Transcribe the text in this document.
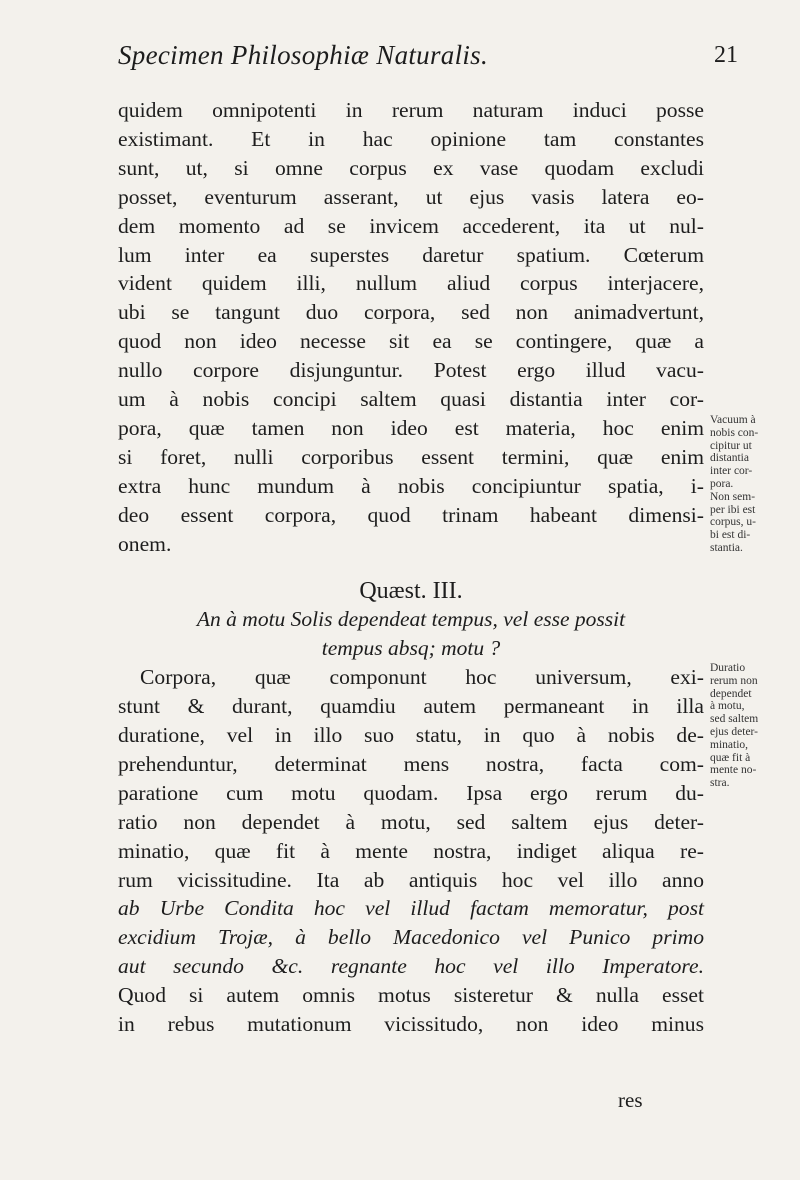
Specimen Philosophiæ Naturalis.	21
quidem omnipotenti in rerum naturam induci posse
existimant. Et in hac opinione tam constantes
sunt, ut, si omne corpus ex vase quodam excludi
posset, eventurum asserant, ut ejus vasis latera eo-
dem momento ad se invicem accederent, ita ut nul-
lum inter ea superstes daretur spatium. Cœterum
vident quidem illi, nullum aliud corpus interjacere,
ubi se tangunt duo corpora, sed non animadvertunt,
quod non ideo necesse sit ea se contingere, quæ a
nullo corpore disjunguntur. Potest ergo illud vacu-
um à nobis concipi saltem quasi distantia inter cor-
pora, quæ tamen non ideo est materia, hoc enim
si foret, nulli corporibus essent termini, quæ enim
extra hunc mundum à nobis concipiuntur spatia, i-
deo essent corpora, quod trinam habeant dimensi-
onem.
Quæst. III.
An à motu Solis dependeat tempus, vel esse possit
tempus absq; motu ?
Corpora, quæ componunt hoc universum, exi-
stunt & durant, quamdiu autem permaneant in illa
duratione, vel in illo suo statu, in quo à nobis de-
prehenduntur, determinat mens nostra, facta com-
paratione cum motu quodam. Ipsa ergo rerum du-
ratio non dependet à motu, sed saltem ejus deter-
minatio, quæ fit à mente nostra, indiget aliqua re-
rum vicissitudine. Ita ab antiquis hoc vel illo anno
ab Urbe Condita hoc vel illud factam memoratur, post
excidium Trojæ, à bello Macedonico vel Punico primo
aut secundo &c. regnante hoc vel illo Imperatore.
Quod si autem omnis motus sisteretur & nulla esset
in rebus mutationum vicissitudo, non ideo minus
res
Vacuum à
nobis con-
cipitur ut
distantia
inter cor-
pora.
Non sem-
per ibi est
corpus, u-
bi est di-
stantia.
Duratio
rerum non
dependet
à motu,
sed saltem
ejus deter-
minatio,
quæ fit à
mente no-
stra.
